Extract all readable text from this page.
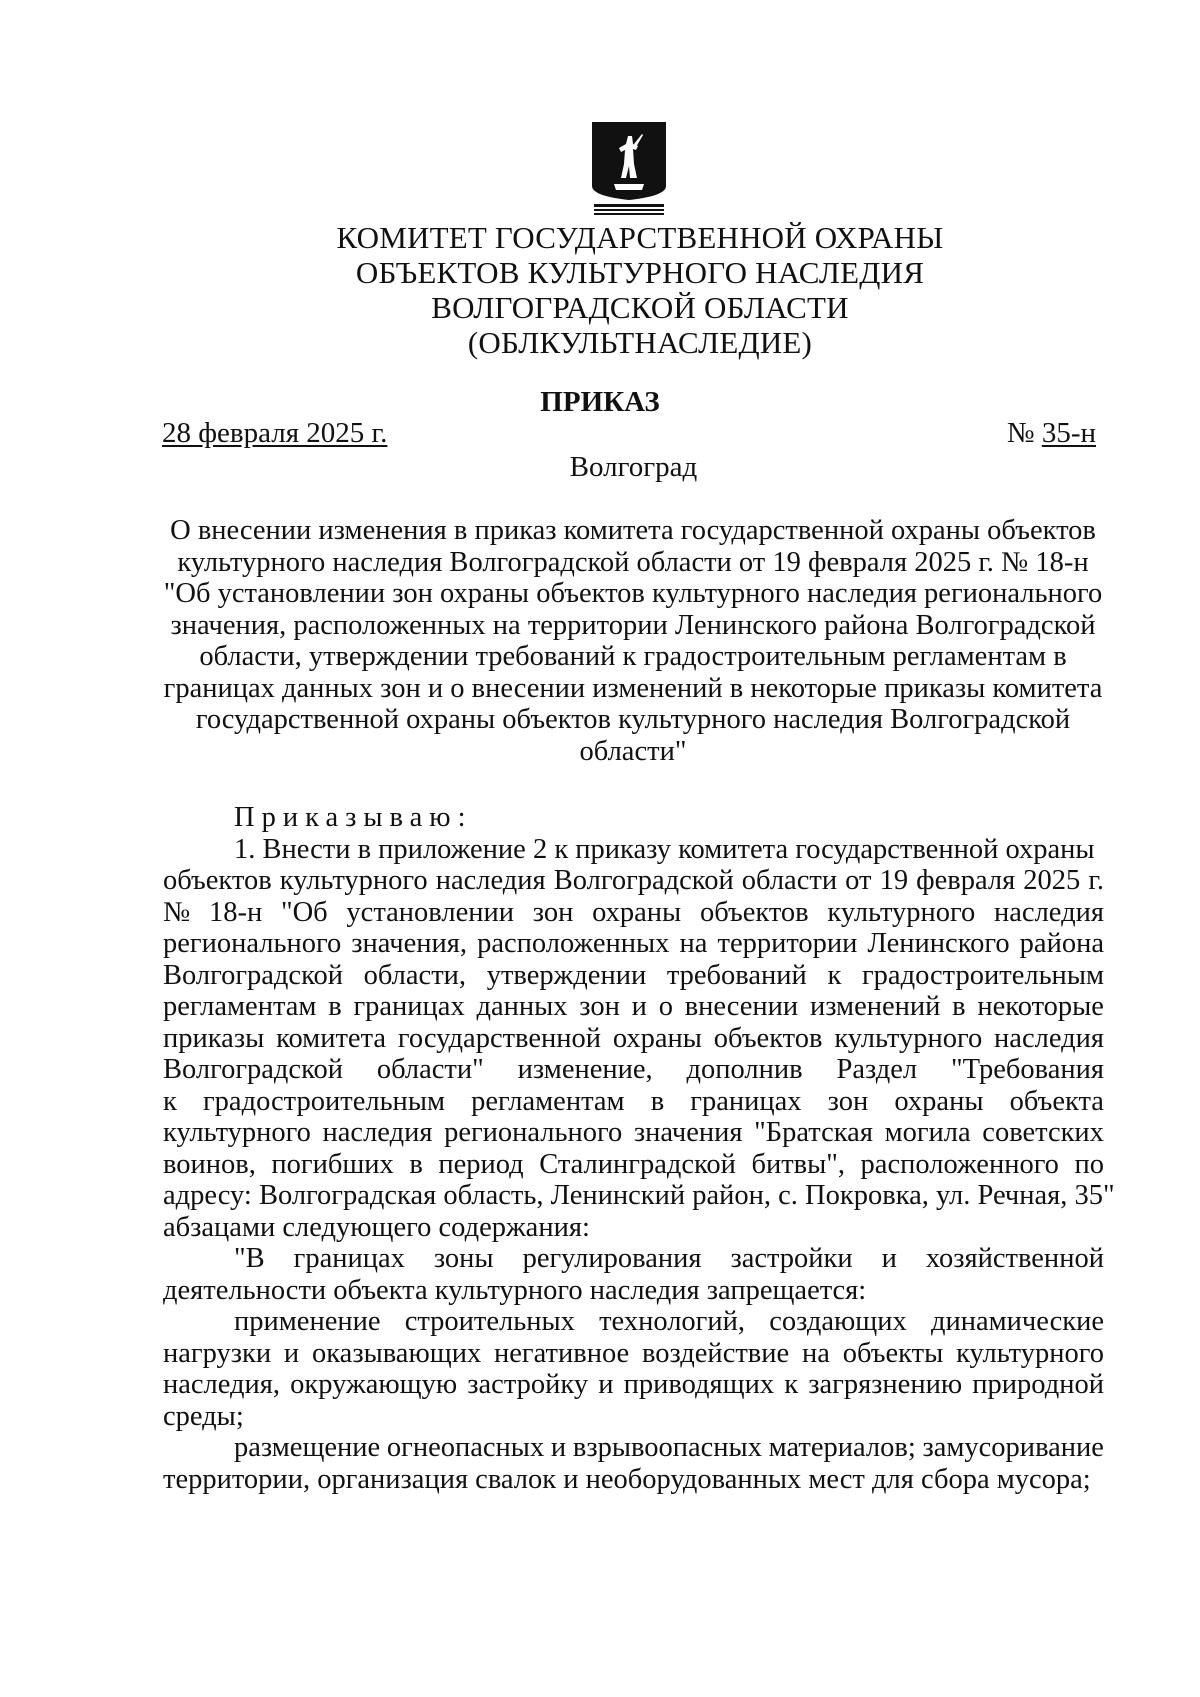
КОМИТЕТ ГОСУДАРСТВЕННОЙ ОХРАНЫ
ОБЪЕКТОВ КУЛЬТУРНОГО НАСЛЕДИЯ
ВОЛГОГРАДСКОЙ ОБЛАСТИ
(ОБЛКУЛЬТНАСЛЕДИЕ)
ПРИКАЗ
28 февраля 2025 г.	№ 35-н
Волгоград
О внесении изменения в приказ комитета государственной охраны объектов
культурного наследия Волгоградской области от 19 февраля 2025 г. № 18-н
"Об установлении зон охраны объектов культурного наследия регионального
значения, расположенных на территории Ленинского района Волгоградской
области, утверждении требований к градостроительным регламентам в
границах данных зон и о внесении изменений в некоторые приказы комитета
государственной охраны объектов культурного наследия Волгоградской
области"
Приказываю:
1. Внести в приложение 2 к приказу комитета государственной охраны
объектов культурного наследия Волгоградской области от 19 февраля 2025 г.
№ 18-н "Об установлении зон охраны объектов культурного наследия
регионального значения, расположенных на территории Ленинского района
Волгоградской области, утверждении требований к градостроительным
регламентам в границах данных зон и о внесении изменений в некоторые
приказы комитета государственной охраны объектов культурного наследия
Волгоградской области" изменение, дополнив Раздел "Требования
к градостроительным регламентам в границах зон охраны объекта
культурного наследия регионального значения "Братская могила советских
воинов, погибших в период Сталинградской битвы", расположенного по
адресу: Волгоградская область, Ленинский район, с. Покровка, ул. Речная, 35"
абзацами следующего содержания:
"В границах зоны регулирования застройки и хозяйственной
деятельности объекта культурного наследия запрещается:
применение строительных технологий, создающих динамические
нагрузки и оказывающих негативное воздействие на объекты культурного
наследия, окружающую застройку и приводящих к загрязнению природной
среды;
размещение огнеопасных и взрывоопасных материалов; замусоривание
территории, организация свалок и необорудованных мест для сбора мусора;
